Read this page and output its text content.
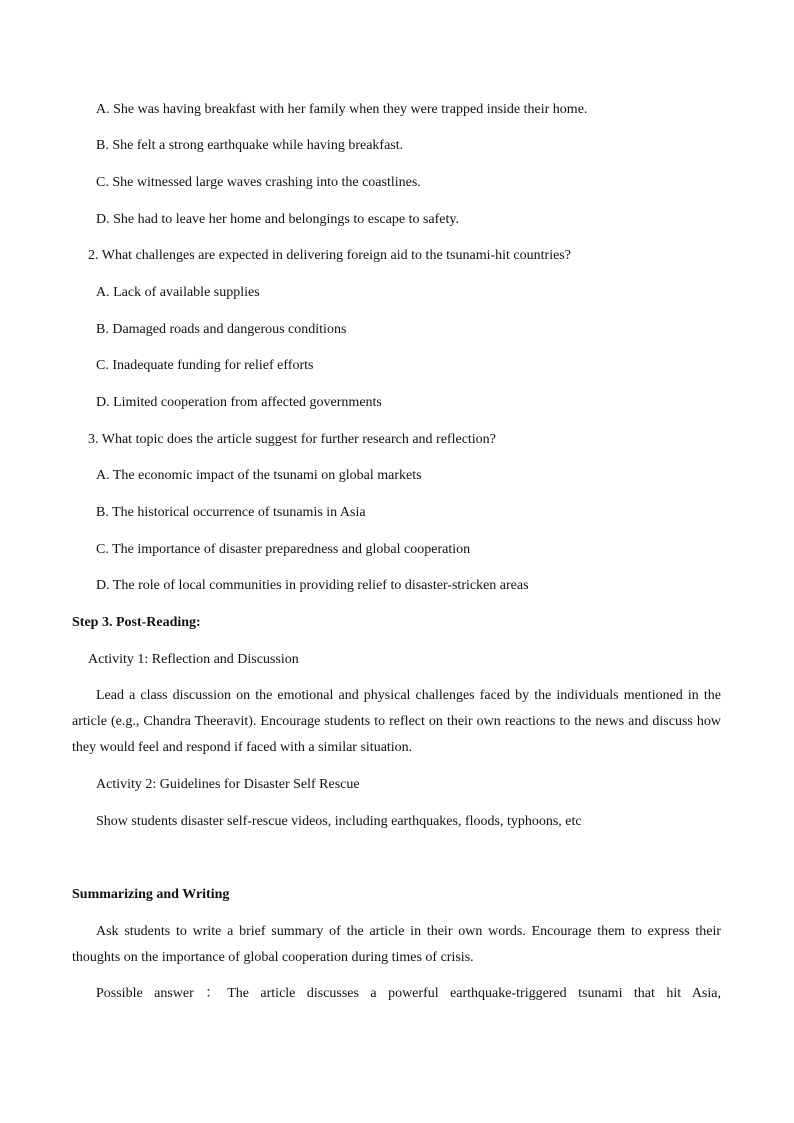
A. She was having breakfast with her family when they were trapped inside their home.
B. She felt a strong earthquake while having breakfast.
C. She witnessed large waves crashing into the coastlines.
D. She had to leave her home and belongings to escape to safety.
2. What challenges are expected in delivering foreign aid to the tsunami-hit countries?
A. Lack of available supplies
B. Damaged roads and dangerous conditions
C. Inadequate funding for relief efforts
D. Limited cooperation from affected governments
3. What topic does the article suggest for further research and reflection?
A. The economic impact of the tsunami on global markets
B. The historical occurrence of tsunamis in Asia
C. The importance of disaster preparedness and global cooperation
D. The role of local communities in providing relief to disaster-stricken areas
Step 3. Post-Reading:
Activity 1: Reflection and Discussion
Lead a class discussion on the emotional and physical challenges faced by the individuals mentioned in the article (e.g., Chandra Theeravit). Encourage students to reflect on their own reactions to the news and discuss how they would feel and respond if faced with a similar situation.
Activity 2: Guidelines for Disaster Self Rescue
Show students disaster self-rescue videos, including earthquakes, floods, typhoons, etc
Summarizing and Writing
Ask students to write a brief summary of the article in their own words. Encourage them to express their thoughts on the importance of global cooperation during times of crisis.
Possible answer ：The article discusses a powerful earthquake-triggered tsunami that hit Asia,
